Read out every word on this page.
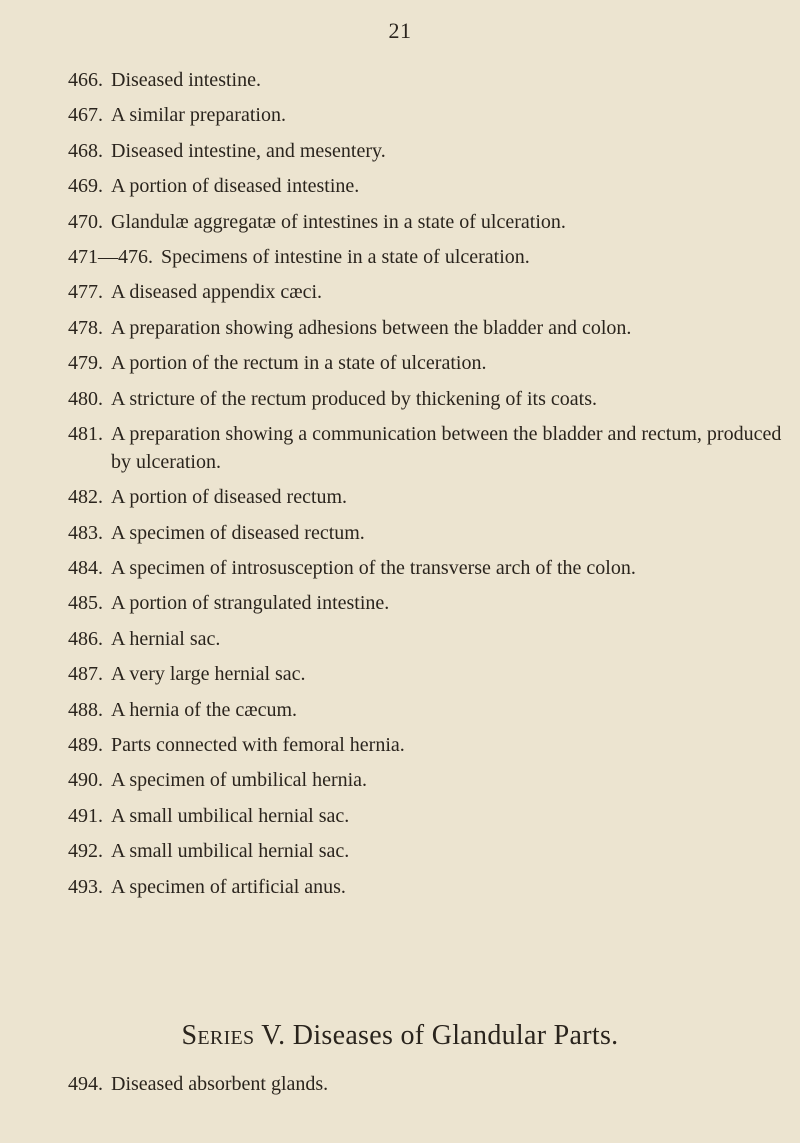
21
466. Diseased intestine.
467. A similar preparation.
468. Diseased intestine, and mesentery.
469. A portion of diseased intestine.
470. Glandulæ aggregatæ of intestines in a state of ulceration.
471—476. Specimens of intestine in a state of ulceration.
477. A diseased appendix cæci.
478. A preparation showing adhesions between the bladder and colon.
479. A portion of the rectum in a state of ulceration.
480. A stricture of the rectum produced by thickening of its coats.
481. A preparation showing a communication between the bladder and rectum, produced by ulceration.
482. A portion of diseased rectum.
483. A specimen of diseased rectum.
484. A specimen of introsusception of the transverse arch of the colon.
485. A portion of strangulated intestine.
486. A hernial sac.
487. A very large hernial sac.
488. A hernia of the cæcum.
489. Parts connected with femoral hernia.
490. A specimen of umbilical hernia.
491. A small umbilical hernial sac.
492. A small umbilical hernial sac.
493. A specimen of artificial anus.
Series V. Diseases of Glandular Parts.
494. Diseased absorbent glands.
